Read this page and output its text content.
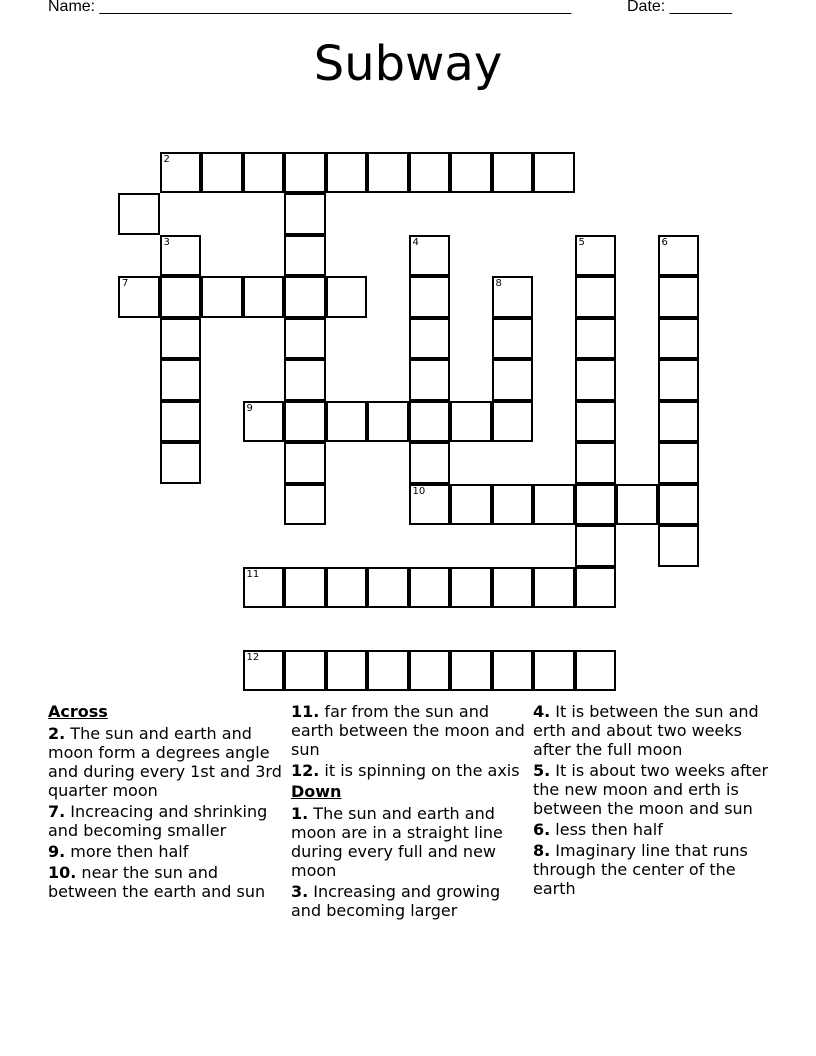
Name: _____________________________________________________	Date: _______
Subway
2
3	4	5	6
7	8
9
10
11
12
Across
2. The sun and earth and moon form a degrees angle and during every 1st and 3rd quarter moon
7. Increacing and shrinking and becoming smaller
9. more then half
10. near the sun and between the earth and sun
11. far from the sun and earth between the moon and sun
12. it is spinning on the axis
Down
1. The sun and earth and moon are in a straight line during every full and new moon
3. Increasing and growing and becoming larger
4. It is between the sun and erth and about two weeks after the full moon
5. It is about two weeks after the new moon and erth is between the moon and sun
6. less then half
8. Imaginary line that runs through the center of the earth
